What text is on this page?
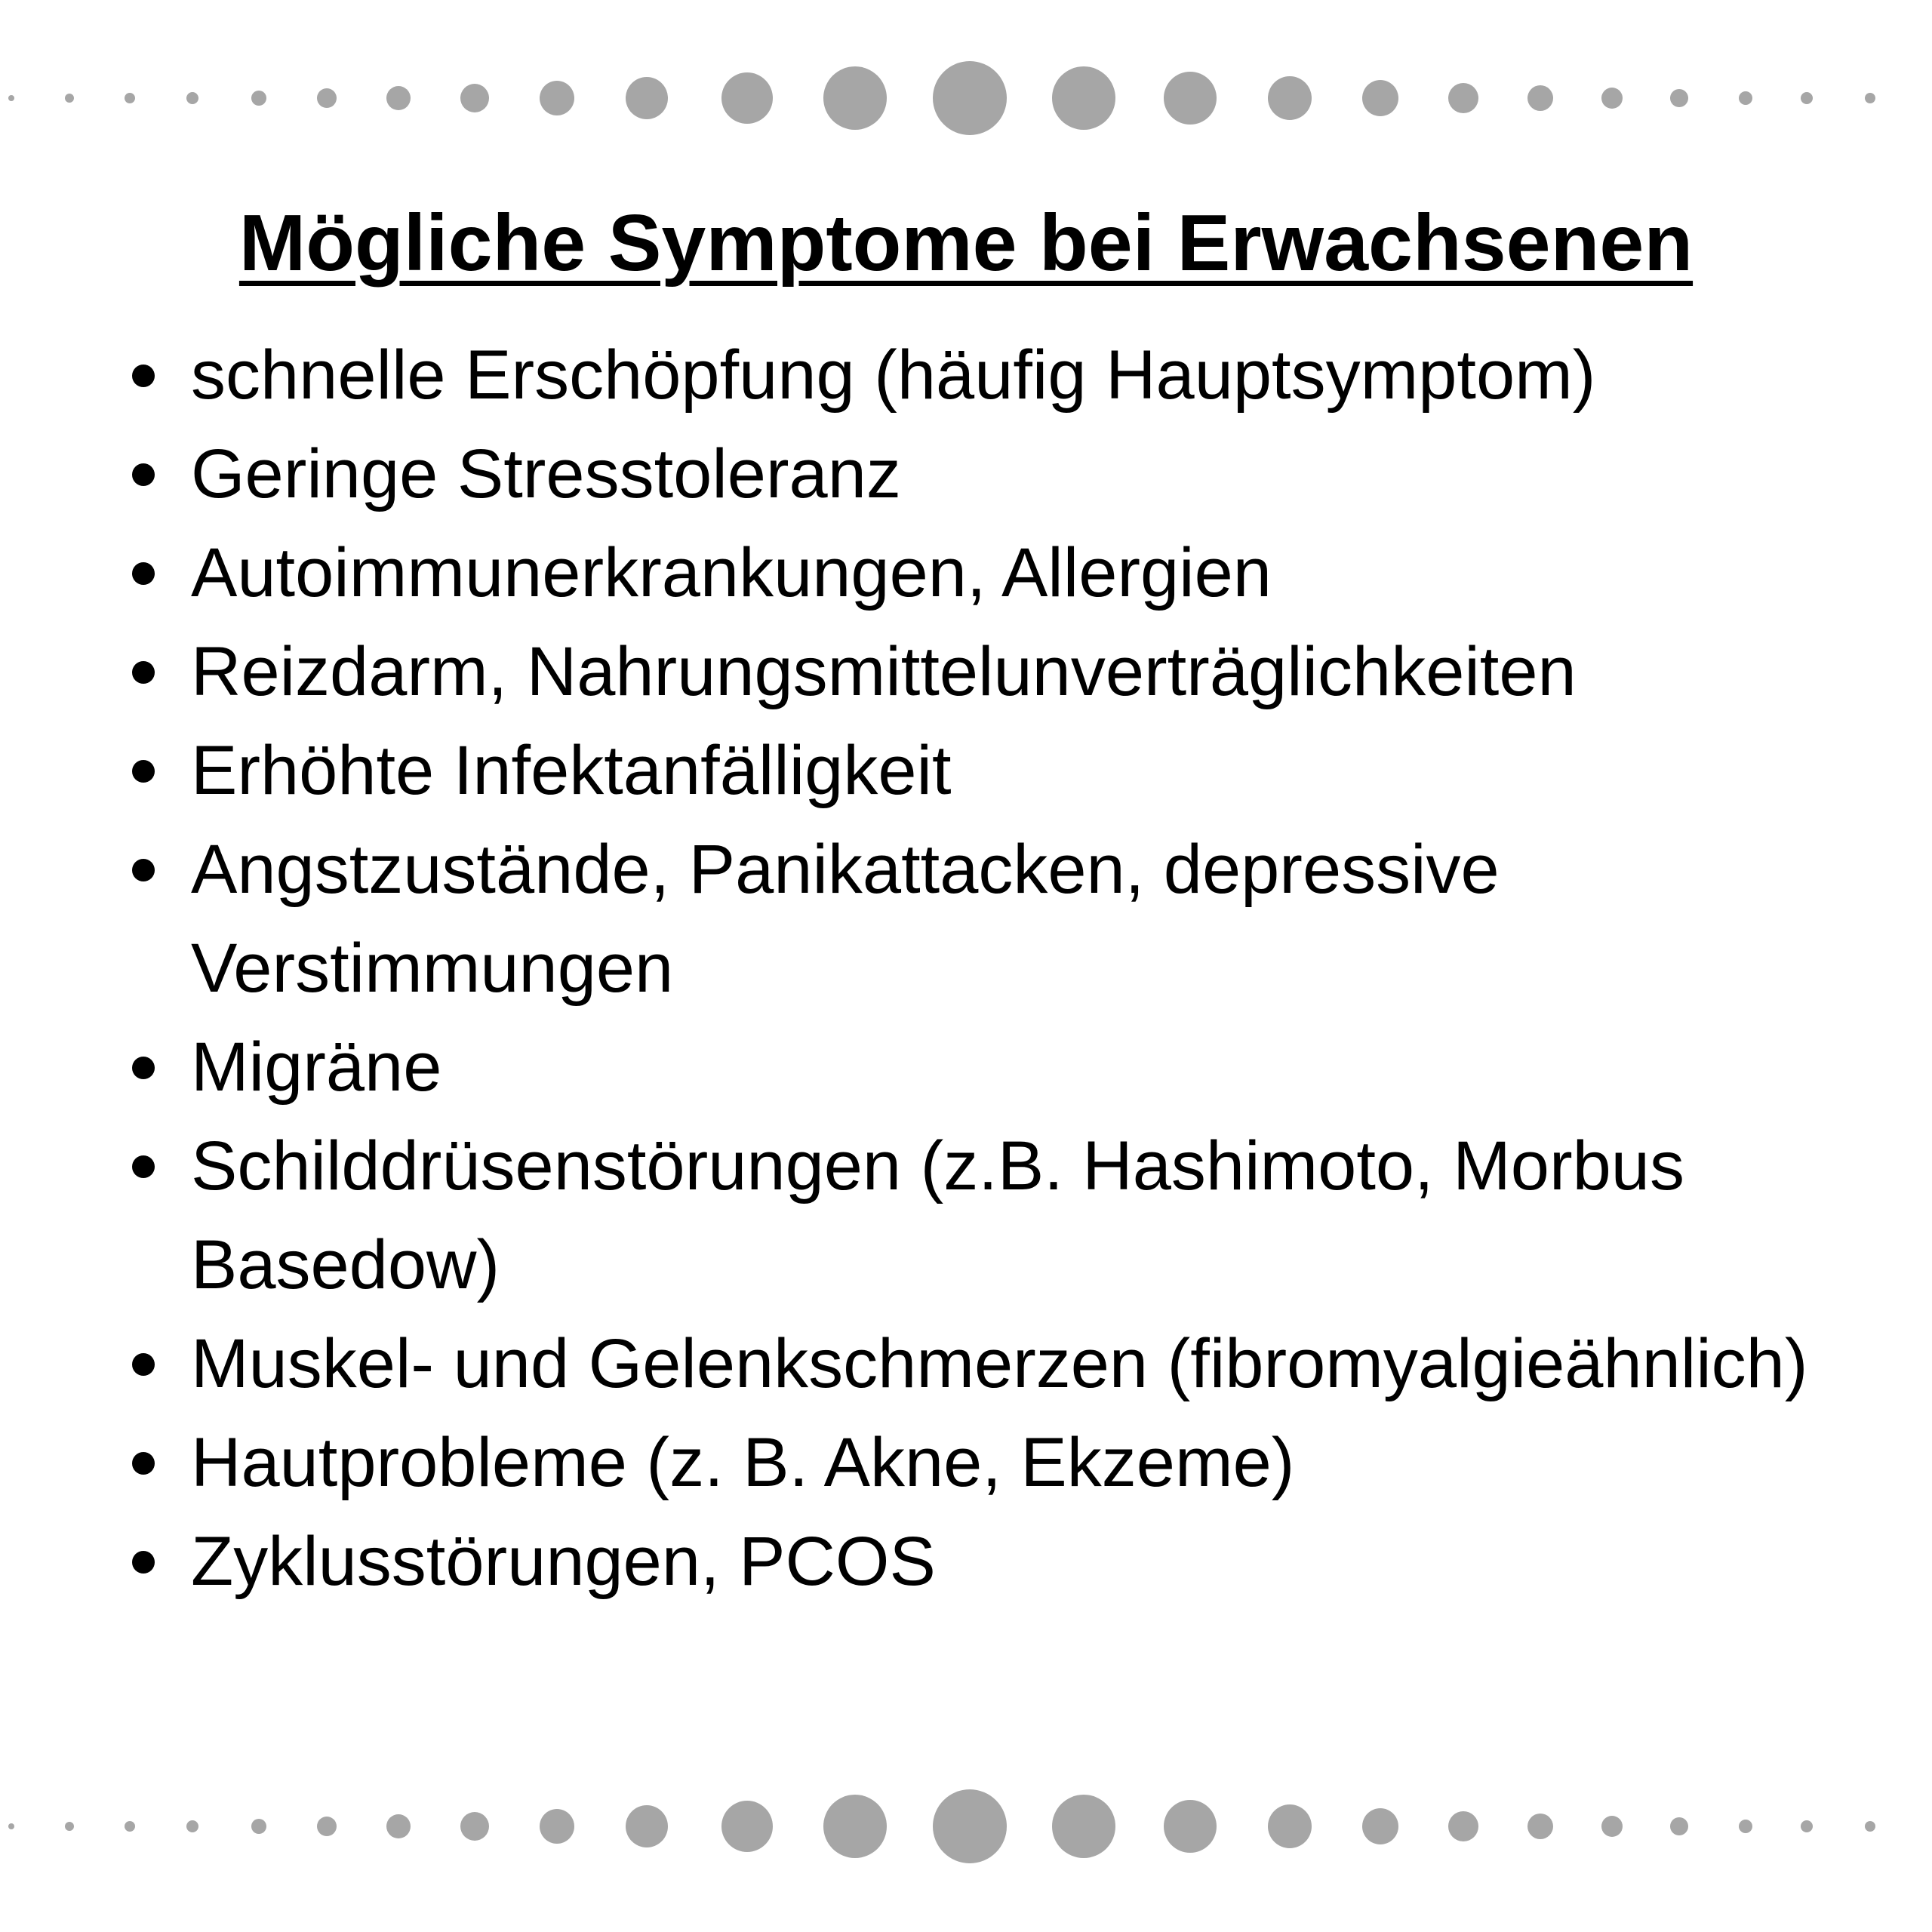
Mögliche Symptome bei Erwachsenen
schnelle Erschöpfung (häufig Hauptsymptom)
Geringe Stresstoleranz
Autoimmunerkrankungen, Allergien
Reizdarm, Nahrungsmittelunverträglichkeiten
Erhöhte Infektanfälligkeit
Angstzustände, Panikattacken, depressive Verstimmungen
Migräne
Schilddrüsenstörungen (z.B. Hashimoto, Morbus Basedow)
Muskel- und Gelenkschmerzen (fibromyalgieähnlich)
Hautprobleme (z. B. Akne, Ekzeme)
Zyklusstörungen, PCOS
